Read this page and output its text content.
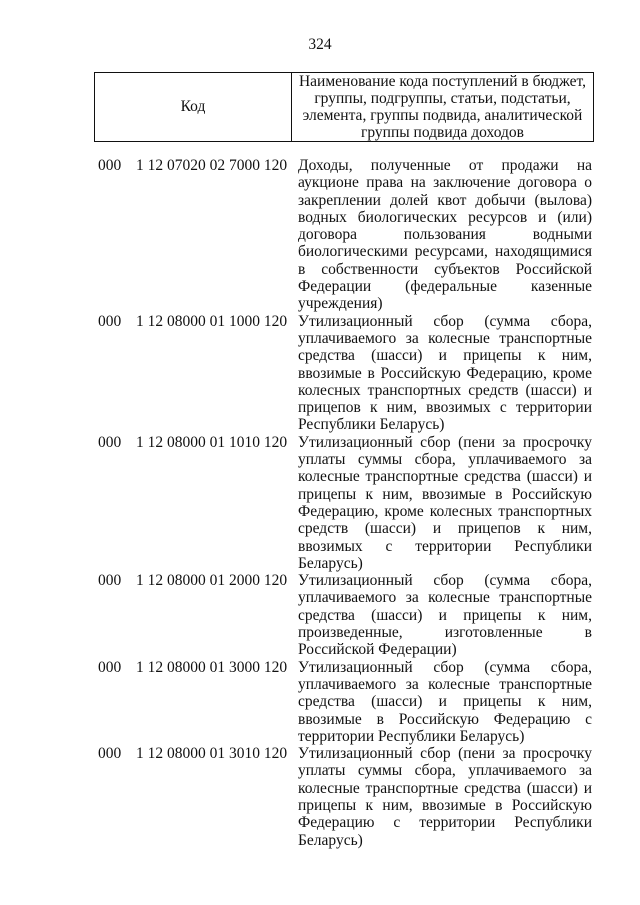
324
Код
Наименование кода поступлений в бюджет, группы, подгруппы, статьи, подстатьи, элемента, группы подвида, аналитической группы подвида доходов
000 1 12 07020 02 7000 120 Доходы, полученные от продажи на аукционе права на заключение договора о закреплении долей квот добычи (вылова) водных биологических ресурсов и (или) договора пользования водными биологическими ресурсами, находящимися в собственности субъектов Российской Федерации (федеральные казенные учреждения)
000 1 12 08000 01 1000 120 Утилизационный сбор (сумма сбора, уплачиваемого за колесные транспортные средства (шасси) и прицепы к ним, ввозимые в Российскую Федерацию, кроме колесных транспортных средств (шасси) и прицепов к ним, ввозимых с территории Республики Беларусь)
000 1 12 08000 01 1010 120 Утилизационный сбор (пени за просрочку уплаты суммы сбора, уплачиваемого за колесные транспортные средства (шасси) и прицепы к ним, ввозимые в Российскую Федерацию, кроме колесных транспортных средств (шасси) и прицепов к ним, ввозимых с территории Республики Беларусь)
000 1 12 08000 01 2000 120 Утилизационный сбор (сумма сбора, уплачиваемого за колесные транспортные средства (шасси) и прицепы к ним, произведенные, изготовленные в Российской Федерации)
000 1 12 08000 01 3000 120 Утилизационный сбор (сумма сбора, уплачиваемого за колесные транспортные средства (шасси) и прицепы к ним, ввозимые в Российскую Федерацию с территории Республики Беларусь)
000 1 12 08000 01 3010 120 Утилизационный сбор (пени за просрочку уплаты суммы сбора, уплачиваемого за колесные транспортные средства (шасси) и прицепы к ним, ввозимые в Российскую Федерацию с территории Республики Беларусь)
